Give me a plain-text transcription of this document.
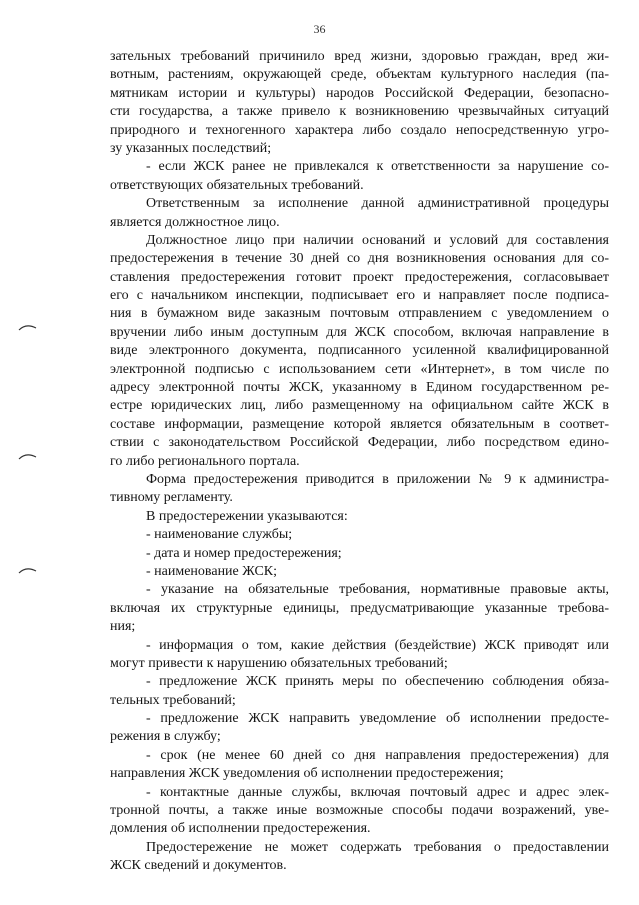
36
зательных требований причинило вред жизни, здоровью граждан, вред жи-
вотным, растениям, окружающей среде, объектам культурного наследия (па-
мятникам истории и культуры) народов Российской Федерации, безопасно-
сти государства, а также привело к возникновению чрезвычайных ситуаций
природного и техногенного характера либо создало непосредственную угро-
зу указанных последствий;
- если ЖСК ранее не привлекался к ответственности за нарушение со-
ответствующих обязательных требований.
Ответственным за исполнение данной административной процедуры
является должностное лицо.
Должностное лицо при наличии оснований и условий для составления
предостережения в течение 30 дней со дня возникновения основания для со-
ставления предостережения готовит проект предостережения, согласовывает
его с начальником инспекции, подписывает его и направляет после подписа-
ния в бумажном виде заказным почтовым отправлением с уведомлением о
вручении либо иным доступным для ЖСК способом, включая направление в
виде электронного документа, подписанного усиленной квалифицированной
электронной подписью с использованием сети «Интернет», в том числе по
адресу электронной почты ЖСК, указанному в Едином государственном ре-
естре юридических лиц, либо размещенному на официальном сайте ЖСК в
составе информации, размещение которой является обязательным в соответ-
ствии с законодательством Российской Федерации, либо посредством едино-
го либо регионального портала.
Форма предостережения приводится в приложении № 9 к администра-
тивному регламенту.
В предостережении указываются:
- наименование службы;
- дата и номер предостережения;
- наименование ЖСК;
- указание на обязательные требования, нормативные правовые акты,
включая их структурные единицы, предусматривающие указанные требова-
ния;
- информация о том, какие действия (бездействие) ЖСК приводят или
могут привести к нарушению обязательных требований;
- предложение ЖСК принять меры по обеспечению соблюдения обяза-
тельных требований;
- предложение ЖСК направить уведомление об исполнении предосте-
режения в службу;
- срок (не менее 60 дней со дня направления предостережения) для
направления ЖСК уведомления об исполнении предостережения;
- контактные данные службы, включая почтовый адрес и адрес элек-
тронной почты, а также иные возможные способы подачи возражений, уве-
домления об исполнении предостережения.
Предостережение не может содержать требования о предоставлении
ЖСК сведений и документов.
